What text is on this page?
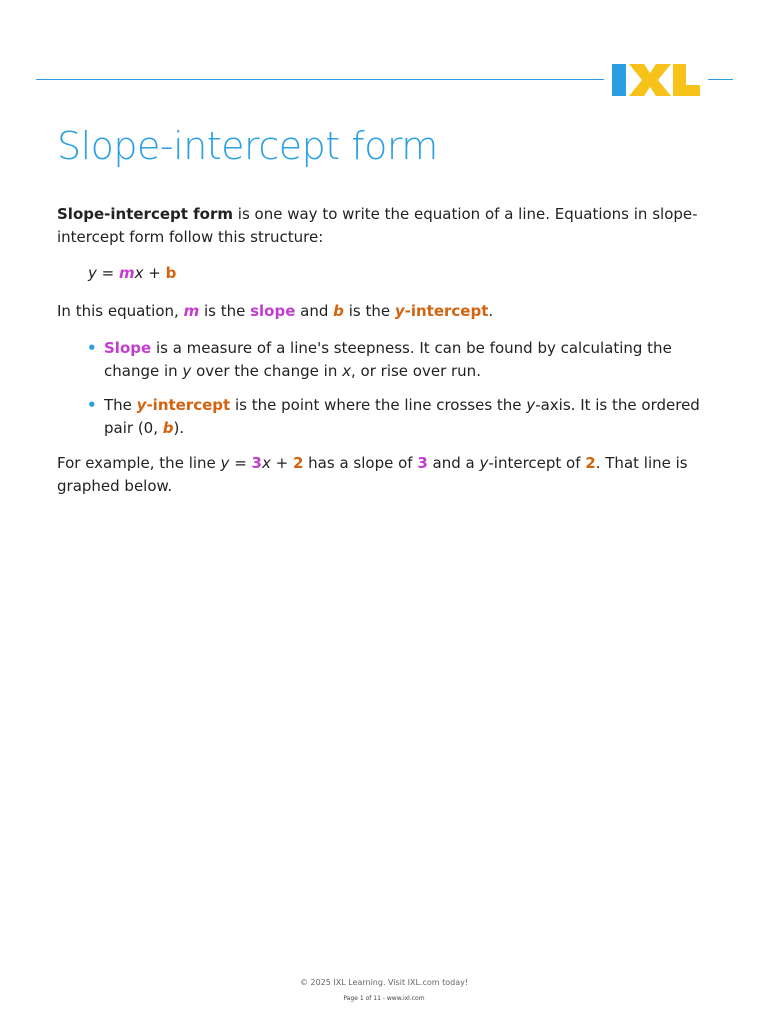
Slope-intercept form

Slope-intercept form is one way to write the equation of a line. Equations in slope-intercept form follow this structure:

y = mx + b

In this equation, m is the slope and b is the y-intercept.

• Slope is a measure of a line's steepness. It can be found by calculating the change in y over the change in x, or rise over run.
• The y-intercept is the point where the line crosses the y-axis. It is the ordered pair (0, b).

For example, the line y = 3x + 2 has a slope of 3 and a y-intercept of 2. That line is graphed below.

© 2025 IXL Learning. Visit IXL.com today!
Page 1 of 11 - www.ixl.com
